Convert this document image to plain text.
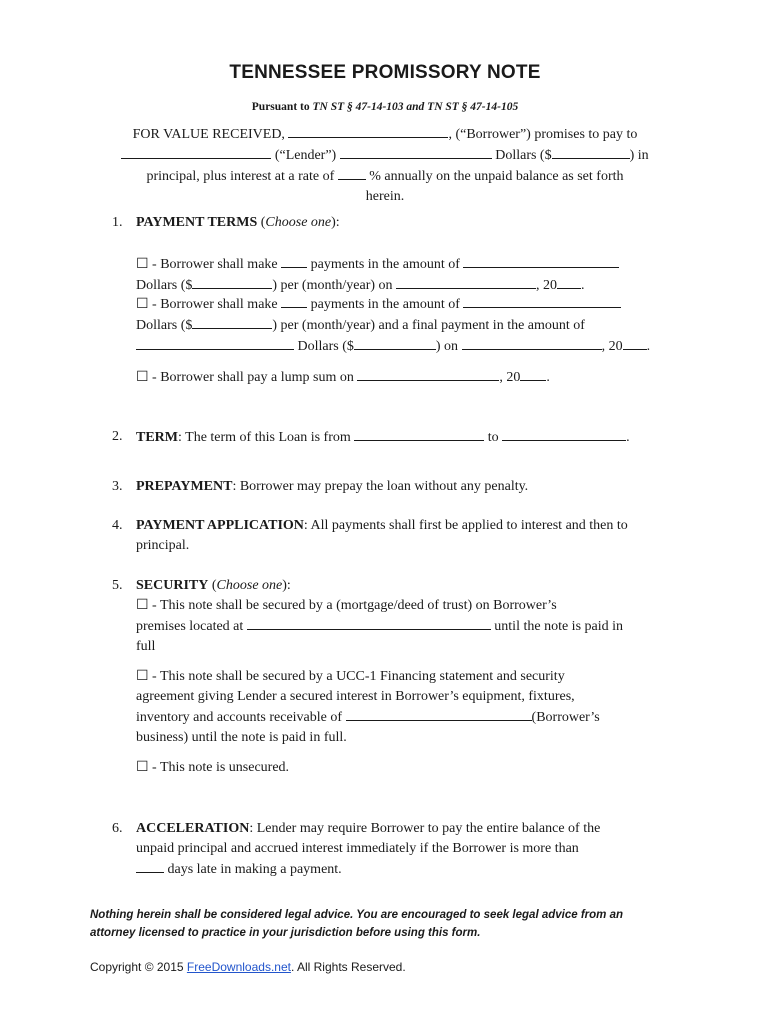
TENNESSEE PROMISSORY NOTE
Pursuant to TN ST § 47-14-103 and TN ST § 47-14-105
FOR VALUE RECEIVED,	, (“Borrower”) promises to pay to
(“Lender”)	Dollars ($	) in
principal, plus interest at a rate of  % annually on the unpaid balance as set forth
herein.
1. PAYMENT TERMS (Choose one):
☐ - Borrower shall make  payments in the amount of
Dollars ($	) per (month/year) on	, 20 .
☐ - Borrower shall make  payments in the amount of
Dollars ($	) per (month/year) and a final payment in the amount of
Dollars ($	) on	, 20 .
☐ - Borrower shall pay a lump sum on	, 20 .
2. TERM: The term of this Loan is from	to	.
3. PREPAYMENT: Borrower may prepay the loan without any penalty.
4. PAYMENT APPLICATION: All payments shall first be applied to interest and then to
principal.
5. SECURITY (Choose one):
☐ - This note shall be secured by a (mortgage/deed of trust) on Borrower’s
premises located at	until the note is paid in
full
☐ - This note shall be secured by a UCC-1 Financing statement and security
agreement giving Lender a secured interest in Borrower’s equipment, fixtures,
inventory and accounts receivable of	(Borrower’s
business) until the note is paid in full.
☐ - This note is unsecured.
6. ACCELERATION: Lender may require Borrower to pay the entire balance of the
unpaid principal and accrued interest immediately if the Borrower is more than
days late in making a payment.
Nothing herein shall be considered legal advice. You are encouraged to seek legal advice from an
attorney licensed to practice in your jurisdiction before using this form.
Copyright © 2015 FreeDownloads.net. All Rights Reserved.
